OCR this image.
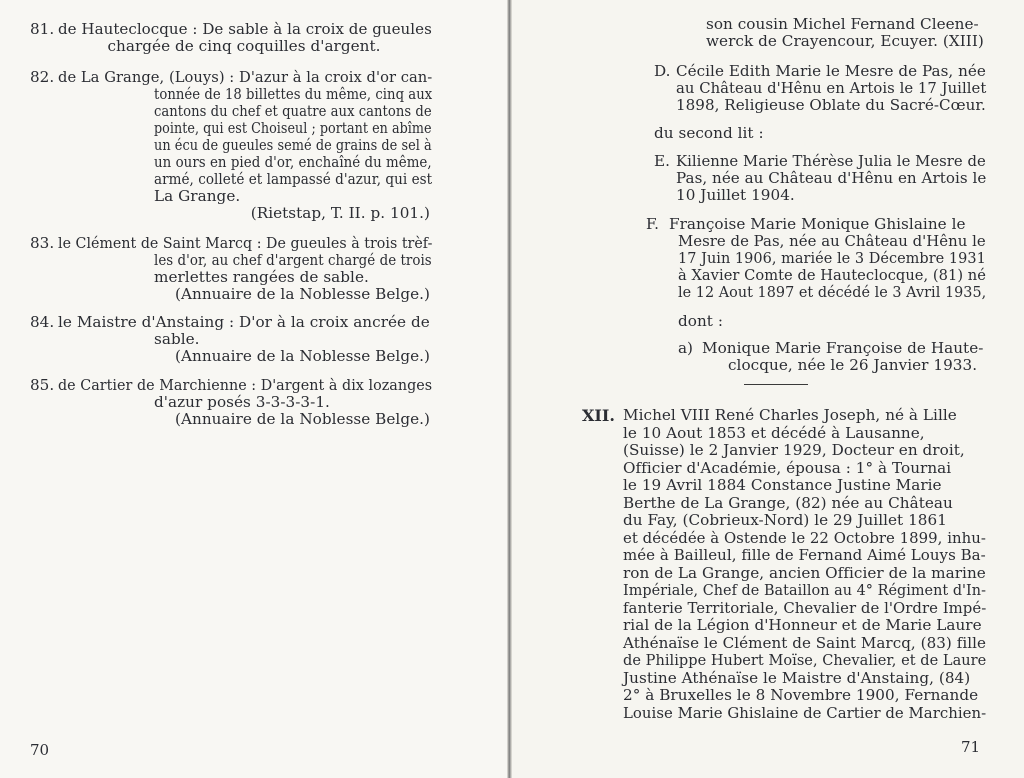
81. de Hauteclocque : De sable à la croix de gueules
chargée de cinq coquilles d'argent.
82. de La Grange, (Louys) : D'azur à la croix d'or can-
tonnée de 18 billettes du même, cinq aux
cantons du chef et quatre aux cantons de
pointe, qui est Choiseul ; portant en abîme
un écu de gueules semé de grains de sel à
un ours en pied d'or, enchaîné du même,
armé, colleté et lampassé d'azur, qui est
La Grange.
(Rietstap, T. II. p. 101.)
83. le Clément de Saint Marcq : De gueules à trois trèf-
les d'or, au chef d'argent chargé de trois
merlettes rangées de sable.
(Annuaire de la Noblesse Belge.)
84. le Maistre d'Anstaing : D'or à la croix ancrée de
sable.
(Annuaire de la Noblesse Belge.)
85. de Cartier de Marchienne : D'argent à dix lozanges
d'azur posés 3-3-3-3-1.
(Annuaire de la Noblesse Belge.)
70
son cousin Michel Fernand Cleene-
werck de Crayencour, Ecuyer. (XIII)
D. Cécile Edith Marie le Mesre de Pas, née
au Château d'Hênu en Artois le 17 Juillet
1898, Religieuse Oblate du Sacré-Cœur.
du second lit :
E. Kilienne Marie Thérèse Julia le Mesre de
Pas, née au Château d'Hênu en Artois le
10 Juillet 1904.
F. Françoise Marie Monique Ghislaine le
Mesre de Pas, née au Château d'Hênu le
17 Juin 1906, mariée le 3 Décembre 1931
à Xavier Comte de Hauteclocque, (81) né
le 12 Aout 1897 et décédé le 3 Avril 1935,
dont :
a) Monique Marie Françoise de Haute-
clocque, née le 26 Janvier 1933.
XII. Michel VIII René Charles Joseph, né à Lille
le 10 Aout 1853 et décédé à Lausanne,
(Suisse) le 2 Janvier 1929, Docteur en droit,
Officier d'Académie, épousa : 1° à Tournai
le 19 Avril 1884 Constance Justine Marie
Berthe de La Grange, (82) née au Château
du Fay, (Cobrieux-Nord) le 29 Juillet 1861
et décédée à Ostende le 22 Octobre 1899, inhu-
mée à Bailleul, fille de Fernand Aimé Louys Ba-
ron de La Grange, ancien Officier de la marine
Impériale, Chef de Bataillon au 4° Régiment d'In-
fanterie Territoriale, Chevalier de l'Ordre Impé-
rial de la Légion d'Honneur et de Marie Laure
Athénaïse le Clément de Saint Marcq, (83) fille
de Philippe Hubert Moïse, Chevalier, et de Laure
Justine Athénaïse le Maistre d'Anstaing, (84)
2° à Bruxelles le 8 Novembre 1900, Fernande
Louise Marie Ghislaine de Cartier de Marchien-
71
